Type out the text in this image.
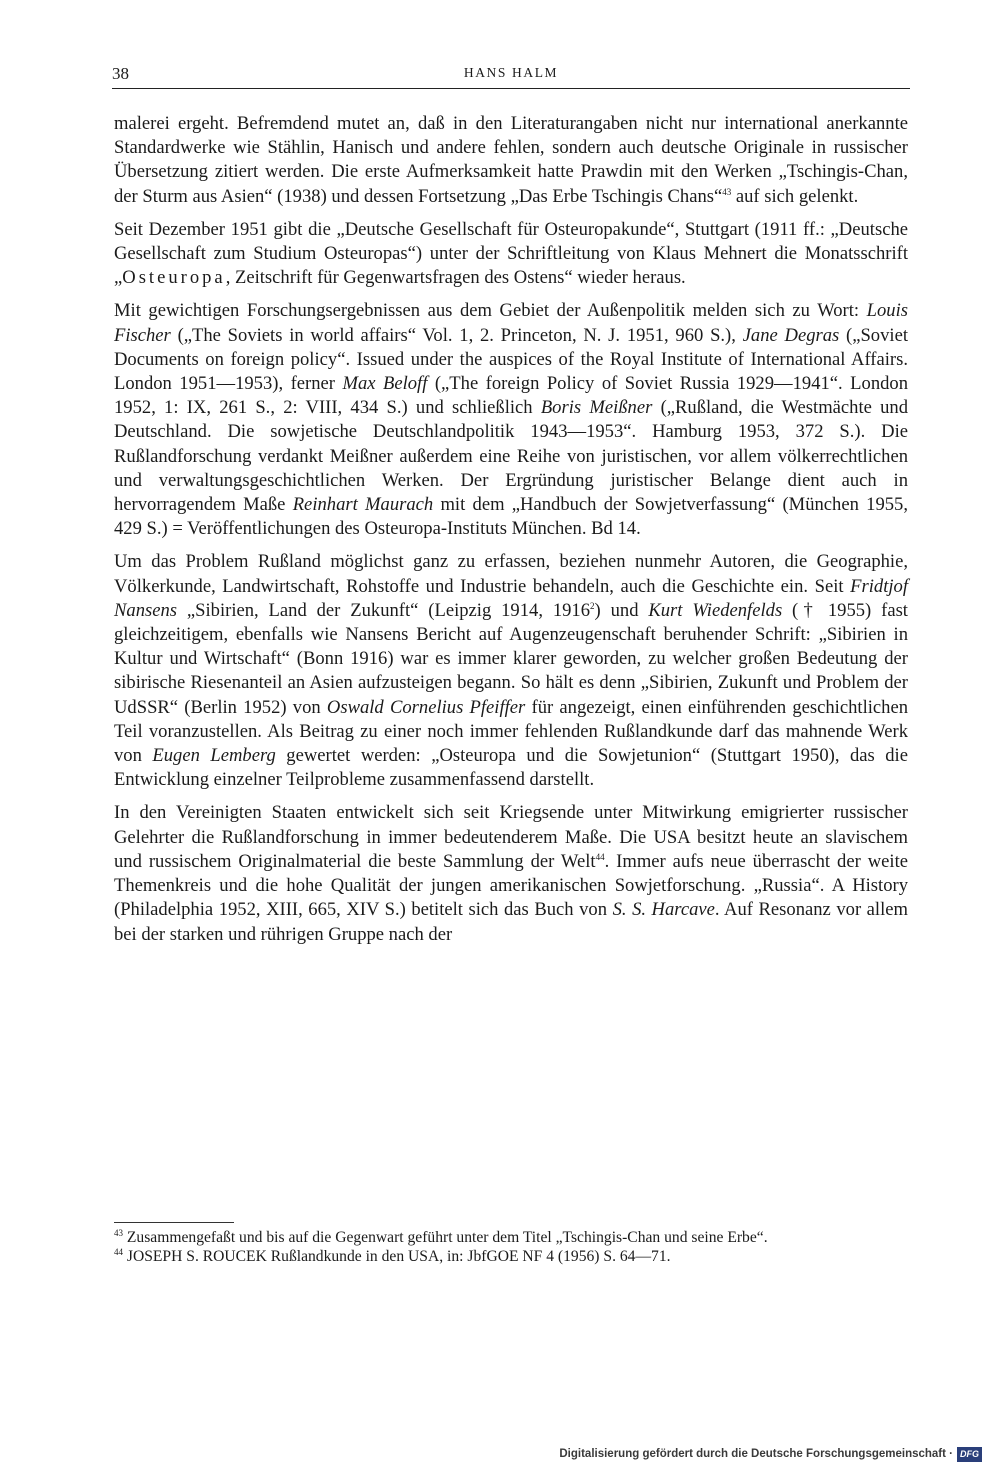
38	HANS HALM

malerei ergeht. Befremdend mutet an, daß in den Literaturangaben nicht nur international anerkannte Standardwerke wie Stählin, Hanisch und andere fehlen, sondern auch deutsche Originale in russischer Übersetzung zitiert werden. Die erste Aufmerksamkeit hatte Prawdin mit den Werken „Tschingis-Chan, der Sturm aus Asien“ (1938) und dessen Fortsetzung „Das Erbe Tschingis Chans“$^{43}$ auf sich gelenkt.

Seit Dezember 1951 gibt die „Deutsche Gesellschaft für Osteuropakunde“, Stuttgart (1911 ff.: „Deutsche Gesellschaft zum Studium Osteuropas“) unter der Schriftleitung von Klaus Mehnert die Monatsschrift „Osteuropa, Zeitschrift für Gegenwartsfragen des Ostens“ wieder heraus.

Mit gewichtigen Forschungsergebnissen aus dem Gebiet der Außenpolitik melden sich zu Wort: Louis Fischer („The Soviets in world affairs“ Vol. 1, 2. Princeton, N. J. 1951, 960 S.), Jane Degras („Soviet Documents on foreign policy“. Issued under the auspices of the Royal Institute of International Affairs. London 1951—1953), ferner Max Beloff („The foreign Policy of Soviet Russia 1929—1941“. London 1952, 1: IX, 261 S., 2: VIII, 434 S.) und schließlich Boris Meißner („Rußland, die Westmächte und Deutschland. Die sowjetische Deutschlandpolitik 1943—1953“. Hamburg 1953, 372 S.). Die Rußlandforschung verdankt Meißner außerdem eine Reihe von juristischen, vor allem völkerrechtlichen und verwaltungsgeschichtlichen Werken. Der Ergründung juristischer Belange dient auch in hervorragendem Maße Reinhart Maurach mit dem „Handbuch der Sowjetverfassung“ (München 1955, 429 S.) = Veröffentlichungen des Osteuropa-Instituts München. Bd 14.

Um das Problem Rußland möglichst ganz zu erfassen, beziehen nunmehr Autoren, die Geographie, Völkerkunde, Landwirtschaft, Rohstoffe und Industrie behandeln, auch die Geschichte ein. Seit Fridtjof Nansens „Sibirien, Land der Zukunft“ (Leipzig 1914, 1916$^2$) und Kurt Wiedenfelds († 1955) fast gleichzeitigem, ebenfalls wie Nansens Bericht auf Augenzeugenschaft beruhender Schrift: „Sibirien in Kultur und Wirtschaft“ (Bonn 1916) war es immer klarer geworden, zu welcher großen Bedeutung der sibirische Riesenanteil an Asien aufzusteigen begann. So hält es denn „Sibirien, Zukunft und Problem der UdSSR“ (Berlin 1952) von Oswald Cornelius Pfeiffer für angezeigt, einen einführenden geschichtlichen Teil voranzustellen. Als Beitrag zu einer noch immer fehlenden Rußlandkunde darf das mahnende Werk von Eugen Lemberg gewertet werden: „Osteuropa und die Sowjetunion“ (Stuttgart 1950), das die Entwicklung einzelner Teilprobleme zusammenfassend darstellt.

In den Vereinigten Staaten entwickelt sich seit Kriegsende unter Mitwirkung emigrierter russischer Gelehrter die Rußlandforschung in immer bedeutenderem Maße. Die USA besitzt heute an slavischem und russischem Originalmaterial die beste Sammlung der Welt$^{44}$. Immer aufs neue überrascht der weite Themenkreis und die hohe Qualität der jungen amerikanischen Sowjetforschung. „Russia“. A History (Philadelphia 1952, XIII, 665, XIV S.) betitelt sich das Buch von S. S. Harcave. Auf Resonanz vor allem bei der starken und rührigen Gruppe nach der

$^{43}$ Zusammengefaßt und bis auf die Gegenwart geführt unter dem Titel „Tschingis-Chan und seine Erbe“.

$^{44}$ JOSEPH S. ROUCEK Rußlandkunde in den USA, in: JbfGOE NF 4 (1956) S. 64—71.

Digitalisierung gefördert durch die Deutsche Forschungsgemeinschaft · DFG
